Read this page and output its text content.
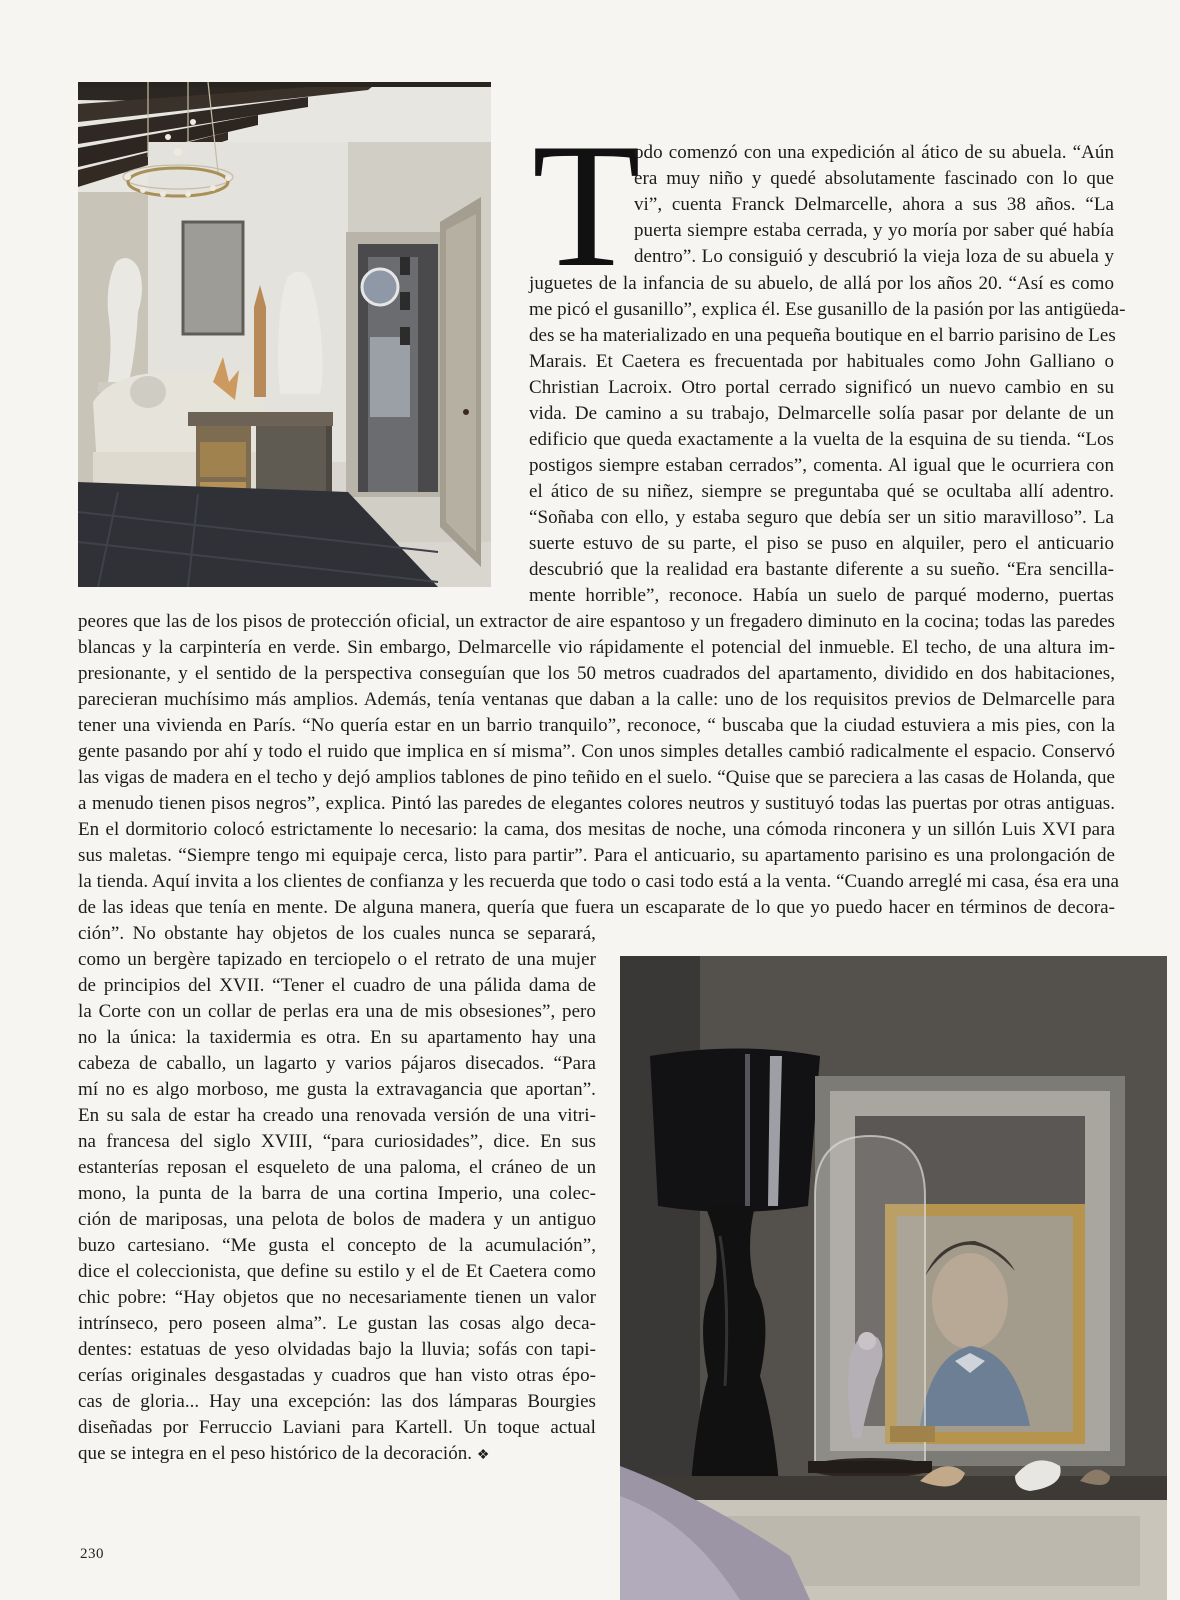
T
odo comenzó con una expedición al ático de su abuela. “Aún
era muy niño y quedé absolutamente fascinado con lo que
vi”, cuenta Franck Delmarcelle, ahora a sus 38 años. “La
puerta siempre estaba cerrada, y yo moría por saber qué había
dentro”. Lo consiguió y descubrió la vieja loza de su abuela y
juguetes de la infancia de su abuelo, de allá por los años 20. “Así es como
me picó el gusanillo”, explica él. Ese gusanillo de la pasión por las antigüeda-
des se ha materializado en una pequeña boutique en el barrio parisino de Les
Marais. Et Caetera es frecuentada por habituales como John Galliano o
Christian Lacroix. Otro portal cerrado significó un nuevo cambio en su
vida. De camino a su trabajo, Delmarcelle solía pasar por delante de un
edificio que queda exactamente a la vuelta de la esquina de su tienda. “Los
postigos siempre estaban cerrados”, comenta. Al igual que le ocurriera con
el ático de su niñez, siempre se preguntaba qué se ocultaba allí adentro.
“Soñaba con ello, y estaba seguro que debía ser un sitio maravilloso”. La
suerte estuvo de su parte, el piso se puso en alquiler, pero el anticuario
descubrió que la realidad era bastante diferente a su sueño. “Era sencilla-
mente horrible”, reconoce. Había un suelo de parqué moderno, puertas
peores que las de los pisos de protección oficial, un extractor de aire espantoso y un fregadero diminuto en la cocina; todas las paredes
blancas y la carpintería en verde. Sin embargo, Delmarcelle vio rápidamente el potencial del inmueble. El techo, de una altura im-
presionante, y el sentido de la perspectiva conseguían que los 50 metros cuadrados del apartamento, dividido en dos habitaciones,
parecieran muchísimo más amplios. Además, tenía ventanas que daban a la calle: uno de los requisitos previos de Delmarcelle para
tener una vivienda en París. “No quería estar en un barrio tranquilo”, reconoce, “ buscaba que la ciudad estuviera a mis pies, con la
gente pasando por ahí y todo el ruido que implica en sí misma”. Con unos simples detalles cambió radicalmente el espacio. Conservó
las vigas de madera en el techo y dejó amplios tablones de pino teñido en el suelo. “Quise que se pareciera a las casas de Holanda, que
a menudo tienen pisos negros”, explica. Pintó las paredes de elegantes colores neutros y sustituyó todas las puertas por otras antiguas.
En el dormitorio colocó estrictamente lo necesario: la cama, dos mesitas de noche, una cómoda rinconera y un sillón Luis XVI para
sus maletas. “Siempre tengo mi equipaje cerca, listo para partir”. Para el anticuario, su apartamento parisino es una prolongación de
la tienda. Aquí invita a los clientes de confianza y les recuerda que todo o casi todo está a la venta. “Cuando arreglé mi casa, ésa era una
de las ideas que tenía en mente. De alguna manera, quería que fuera un escaparate de lo que yo puedo hacer en términos de decora-
ción”. No obstante hay objetos de los cuales nunca se separará,
como un bergère tapizado en terciopelo o el retrato de una mujer
de principios del XVII. “Tener el cuadro de una pálida dama de
la Corte con un collar de perlas era una de mis obsesiones”, pero
no la única: la taxidermia es otra. En su apartamento hay una
cabeza de caballo, un lagarto y varios pájaros disecados. “Para
mí no es algo morboso, me gusta la extravagancia que aportan”.
En su sala de estar ha creado una renovada versión de una vitri-
na francesa del siglo XVIII, “para curiosidades”, dice. En sus
estanterías reposan el esqueleto de una paloma, el cráneo de un
mono, la punta de la barra de una cortina Imperio, una colec-
ción de mariposas, una pelota de bolos de madera y un antiguo
buzo cartesiano. “Me gusta el concepto de la acumulación”,
dice el coleccionista, que define su estilo y el de Et Caetera como
chic pobre: “Hay objetos que no necesariamente tienen un valor
intrínseco, pero poseen alma”. Le gustan las cosas algo deca-
dentes: estatuas de yeso olvidadas bajo la lluvia; sofás con tapi-
cerías originales desgastadas y cuadros que han visto otras épo-
cas de gloria... Hay una excepción: las dos lámparas Bourgies
diseñadas por Ferruccio Laviani para Kartell. Un toque actual
que se integra en el peso histórico de la decoración. ❖
230
